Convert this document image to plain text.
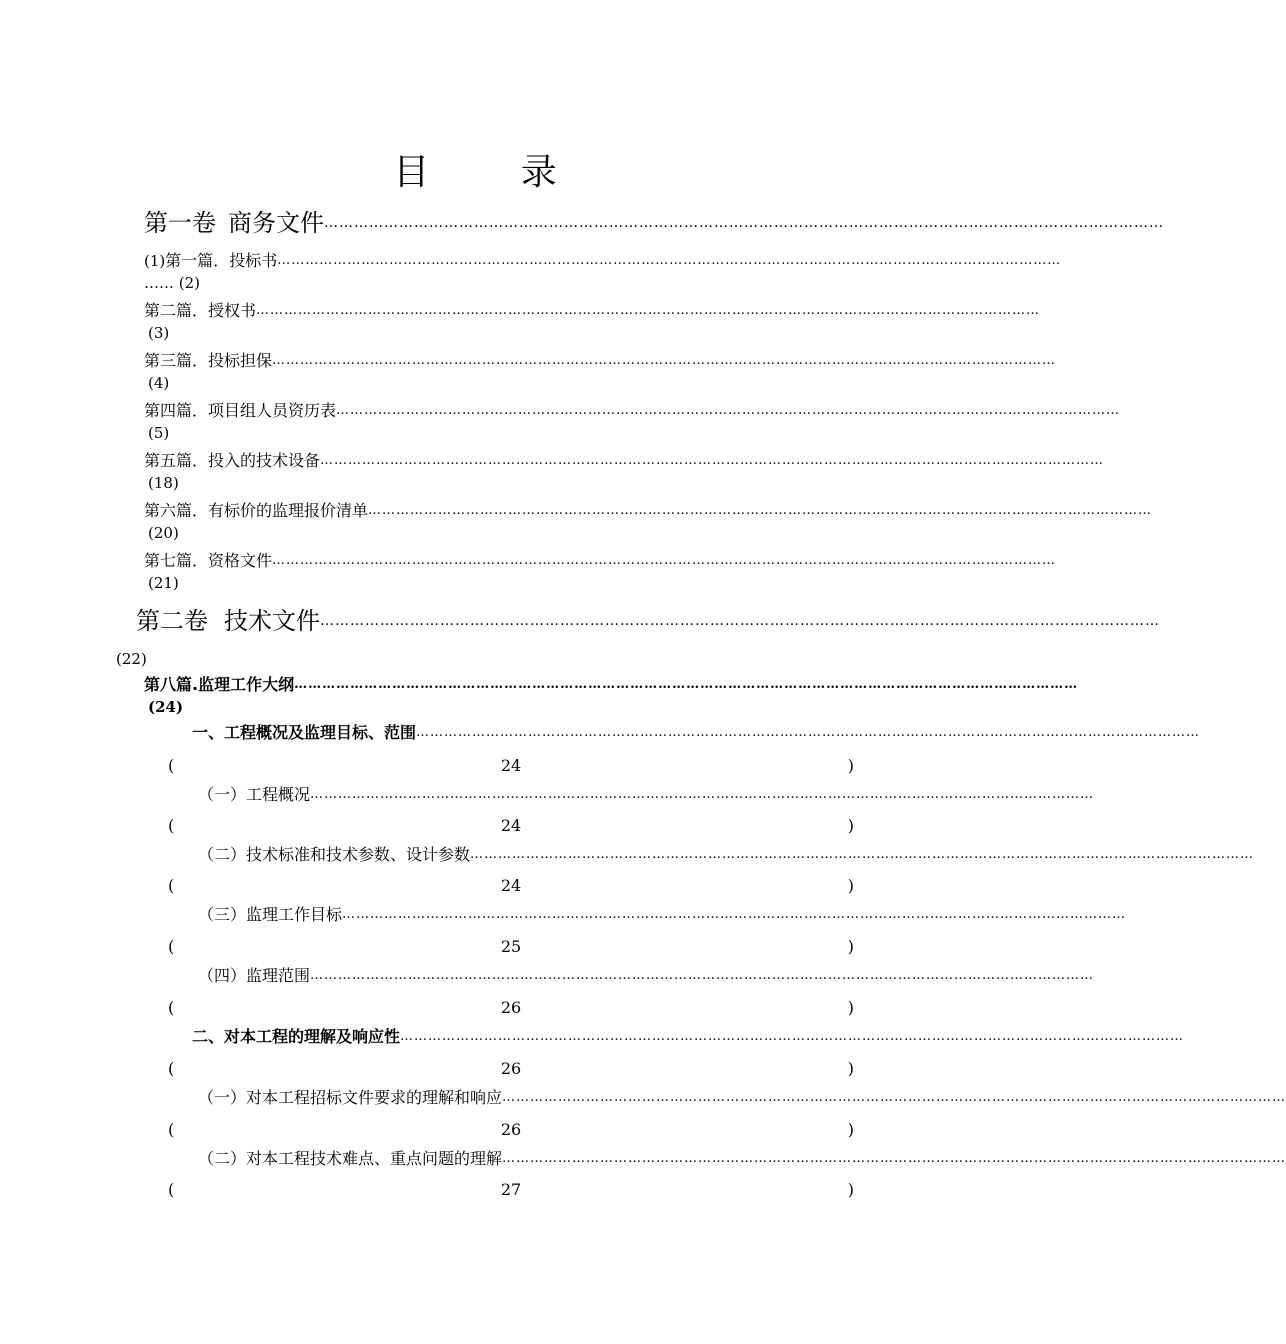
目 录
第一卷 商务文件 ……………………………………………………………………………………………………………………………………………………
(1) 第一篇．投标书 ……………………………………………………………………………………………………………………………………………………
…… (2)
第二篇．授权书 ……………………………………………………………………………………………………………………………………………………
(3)
第三篇．投标担保 ……………………………………………………………………………………………………………………………………………………
(4)
第四篇．项目组人员资历表 ……………………………………………………………………………………………………………………………………………………
(5)
第五篇．投入的技术设备 ……………………………………………………………………………………………………………………………………………………
(18)
第六篇．有标价的监理报价清单 ……………………………………………………………………………………………………………………………………………………
(20)
第七篇．资格文件 ……………………………………………………………………………………………………………………………………………………
(21)
第二卷 技术文件 ……………………………………………………………………………………………………………………………………………………
(22)
第八篇.监理工作大纲 ……………………………………………………………………………………………………………………………………………………
(24)
一、工程概况及监理目标、范围 ……………………………………………………………………………………………………………………………………………………
(	24	)
（一）工程概况 ……………………………………………………………………………………………………………………………………………………
(	24	)
（二）技术标准和技术参数、设计参数 ……………………………………………………………………………………………………………………………………………………
(	24	)
（三）监理工作目标 ……………………………………………………………………………………………………………………………………………………
(	25	)
（四）监理范围 ……………………………………………………………………………………………………………………………………………………
(	26	)
二、对本工程的理解及响应性 ……………………………………………………………………………………………………………………………………………………
(	26	)
（一）对本工程招标文件要求的理解和响应 ……………………………………………………………………………………………………………………………………………………
(	26	)
（二）对本工程技术难点、重点问题的理解 ……………………………………………………………………………………………………………………………………………………
(	27	)
